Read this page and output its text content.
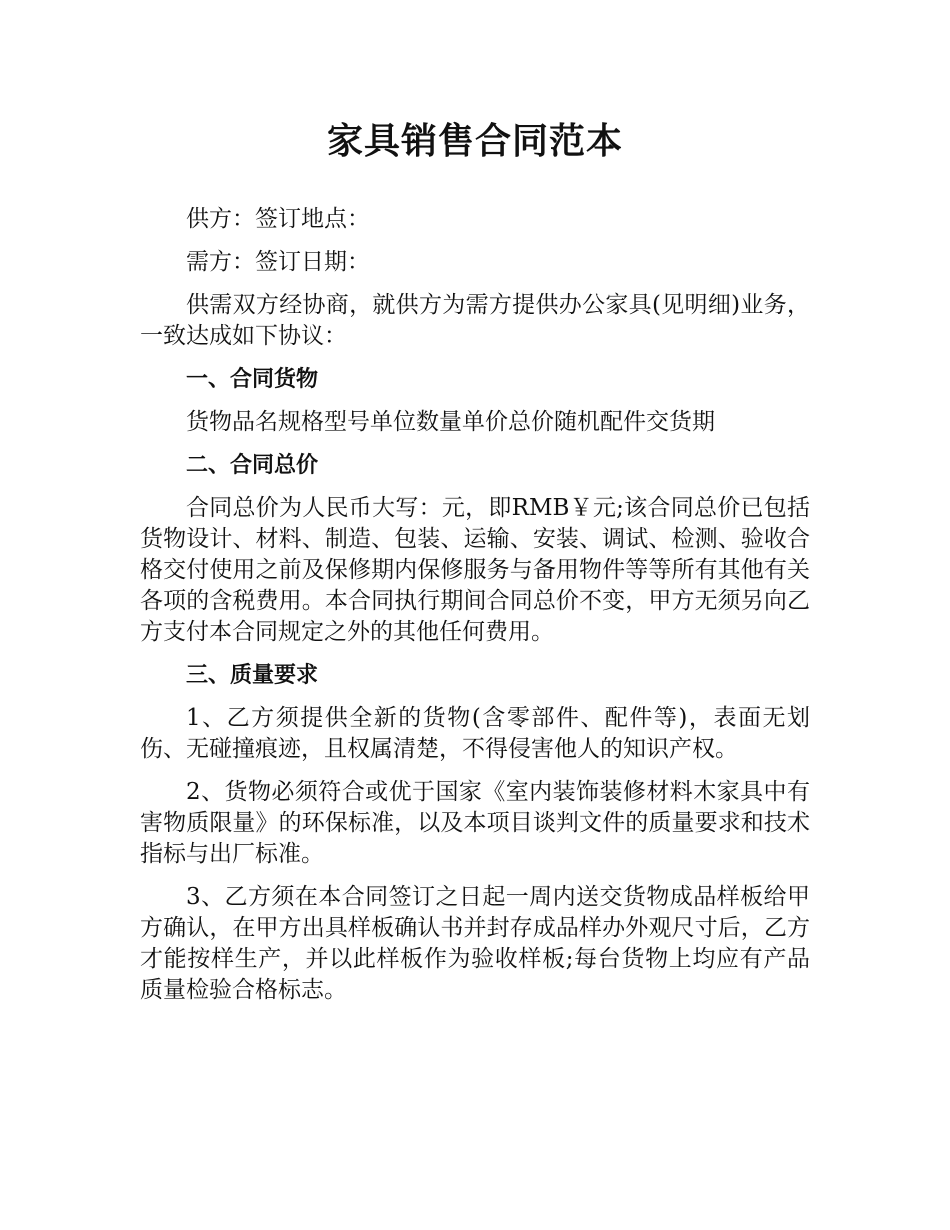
家具销售合同范本

供方：签订地点：

需方：签订日期：

供需双方经协商，就供方为需方提供办公家具(见明细)业务，一致达成如下协议：

一、合同货物

货物品名规格型号单位数量单价总价随机配件交货期

二、合同总价

合同总价为人民币大写：元，即RMB￥元;该合同总价已包括货物设计、材料、制造、包装、运输、安装、调试、检测、验收合格交付使用之前及保修期内保修服务与备用物件等等所有其他有关各项的含税费用。本合同执行期间合同总价不变，甲方无须另向乙方支付本合同规定之外的其他任何费用。

三、质量要求

1、乙方须提供全新的货物(含零部件、配件等)，表面无划伤、无碰撞痕迹，且权属清楚，不得侵害他人的知识产权。

2、货物必须符合或优于国家《室内装饰装修材料木家具中有害物质限量》的环保标准，以及本项目谈判文件的质量要求和技术指标与出厂标准。

3、乙方须在本合同签订之日起一周内送交货物成品样板给甲方确认，在甲方出具样板确认书并封存成品样办外观尺寸后，乙方才能按样生产，并以此样板作为验收样板;每台货物上均应有产品质量检验合格标志。
